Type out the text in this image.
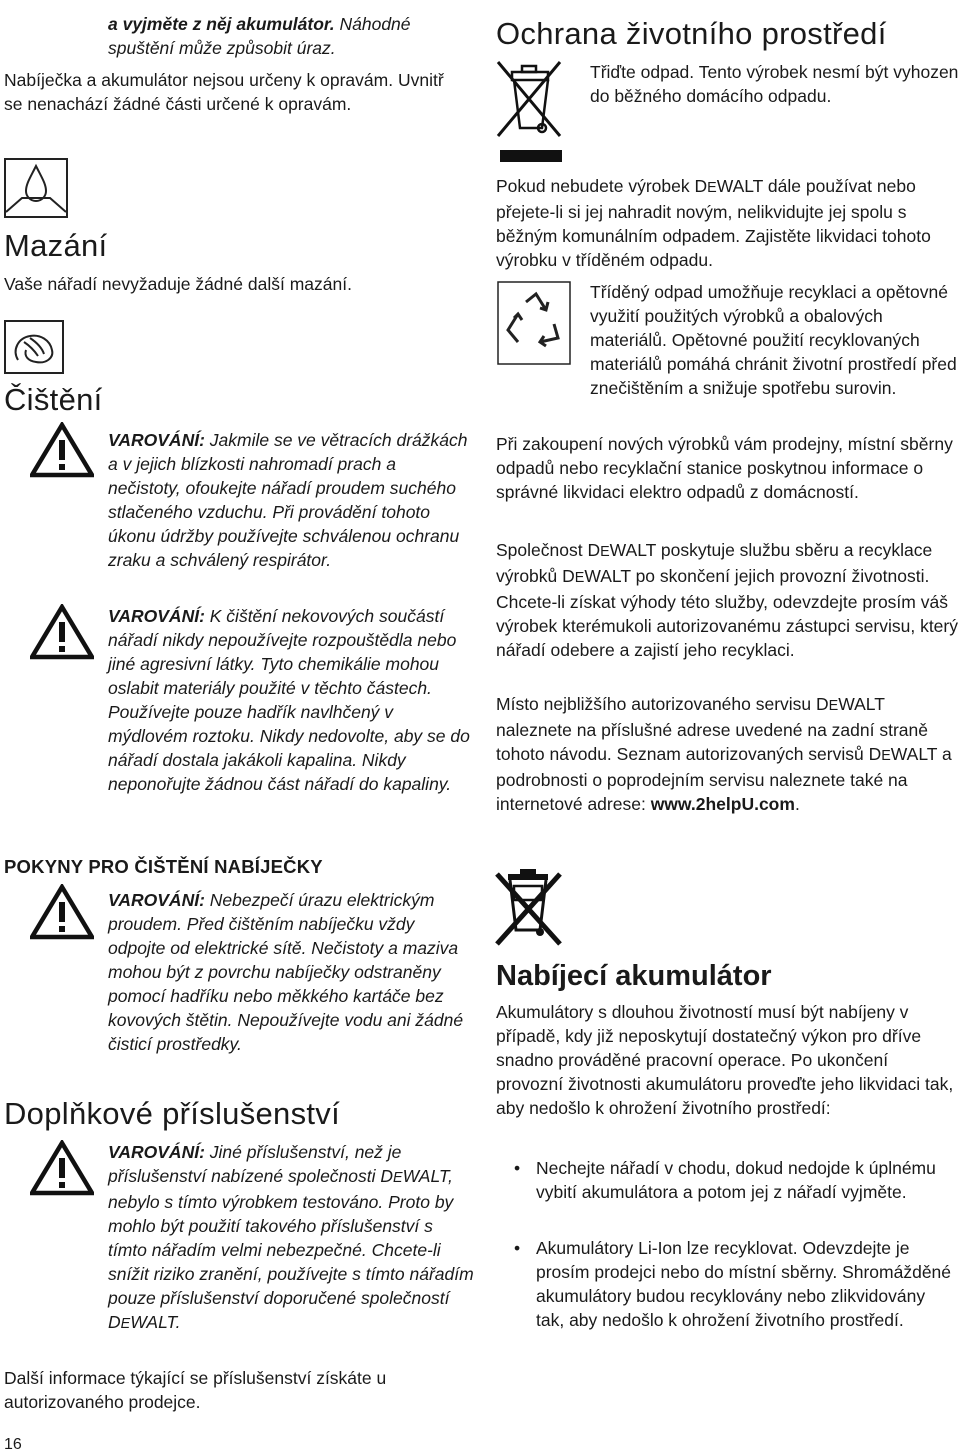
a vyjměte z něj akumulátor. Náhodné spuštění může způsobit úraz.

Nabíječka a akumulátor nejsou určeny k opravám. Uvnitř se nenachází žádné části určené k opravám.

Mazání

Vaše nářadí nevyžaduje žádné další mazání.

Čištění

VAROVÁNÍ: Jakmile se ve větracích drážkách a v jejich blízkosti nahromadí prach a nečistoty, ofoukejte nářadí proudem suchého stlačeného vzduchu. Při provádění tohoto úkonu údržby používejte schválenou ochranu zraku a schválený respirátor.

VAROVÁNÍ: K čištění nekovových součástí nářadí nikdy nepoužívejte rozpouštědla nebo jiné agresivní látky. Tyto chemikálie mohou oslabit materiály použité v těchto částech. Používejte pouze hadřík navlhčený v mýdlovém roztoku. Nikdy nedovolte, aby se do nářadí dostala jakákoli kapalina. Nikdy neponořujte žádnou část nářadí do kapaliny.

POKYNY PRO ČIŠTĚNÍ NABÍJEČKY

VAROVÁNÍ: Nebezpečí úrazu elektrickým proudem. Před čištěním nabíječku vždy odpojte od elektrické sítě. Nečistoty a maziva mohou být z povrchu nabíječky odstraněny pomocí hadříku nebo měkkého kartáče bez kovových štětin. Nepoužívejte vodu ani žádné čisticí prostředky.

Doplňkové příslušenství

VAROVÁNÍ: Jiné příslušenství, než je příslušenství nabízené společnosti DEWALT, nebylo s tímto výrobkem testováno. Proto by mohlo být použití takového příslušenství s tímto nářadím velmi nebezpečné. Chcete-li snížit riziko zranění, používejte s tímto nářadím pouze příslušenství doporučené společností DEWALT.

Další informace týkající se příslušenství získáte u autorizovaného prodejce.

16
Ochrana životního prostředí

Třiďte odpad. Tento výrobek nesmí být vyhozen do běžného domácího odpadu.

Pokud nebudete výrobek DEWALT dále používat nebo přejete-li si jej nahradit novým, nelikvidujte jej spolu s běžným komunálním odpadem. Zajistěte likvidaci tohoto výrobku v tříděném odpadu.

Tříděný odpad umožňuje recyklaci a opětovné využití použitých výrobků a obalových materiálů. Opětovné použití recyklovaných materiálů pomáhá chránit životní prostředí před znečištěním a snižuje spotřebu surovin.

Při zakoupení nových výrobků vám prodejny, místní sběrny odpadů nebo recyklační stanice poskytnou informace o správné likvidaci elektro odpadů z domácností.

Společnost DEWALT poskytuje službu sběru a recyklace výrobků DEWALT po skončení jejich provozní životnosti. Chcete-li získat výhody této služby, odevzdejte prosím váš výrobek kterémukoli autorizovanému zástupci servisu, který nářadí odebere a zajistí jeho recyklaci.

Místo nejbližšího autorizovaného servisu DEWALT naleznete na příslušné adrese uvedené na zadní straně tohoto návodu. Seznam autorizovaných servisů DEWALT a podrobnosti o poprodejním servisu naleznete také na internetové adrese: www.2helpU.com.

Nabíjecí akumulátor

Akumulátory s dlouhou životností musí být nabíjeny v případě, kdy již neposkytují dostatečný výkon pro dříve snadno prováděné pracovní operace. Po ukončení provozní životnosti akumulátoru proveďte jeho likvidaci tak, aby nedošlo k ohrožení životního prostředí:

• Nechejte nářadí v chodu, dokud nedojde k úplnému vybití akumulátora a potom jej z nářadí vyjměte.

• Akumulátory Li-Ion lze recyklovat. Odevzdejte je prosím prodejci nebo do místní sběrny. Shromážděné akumulátory budou recyklovány nebo zlikvidovány tak, aby nedošlo k ohrožení životního prostředí.
